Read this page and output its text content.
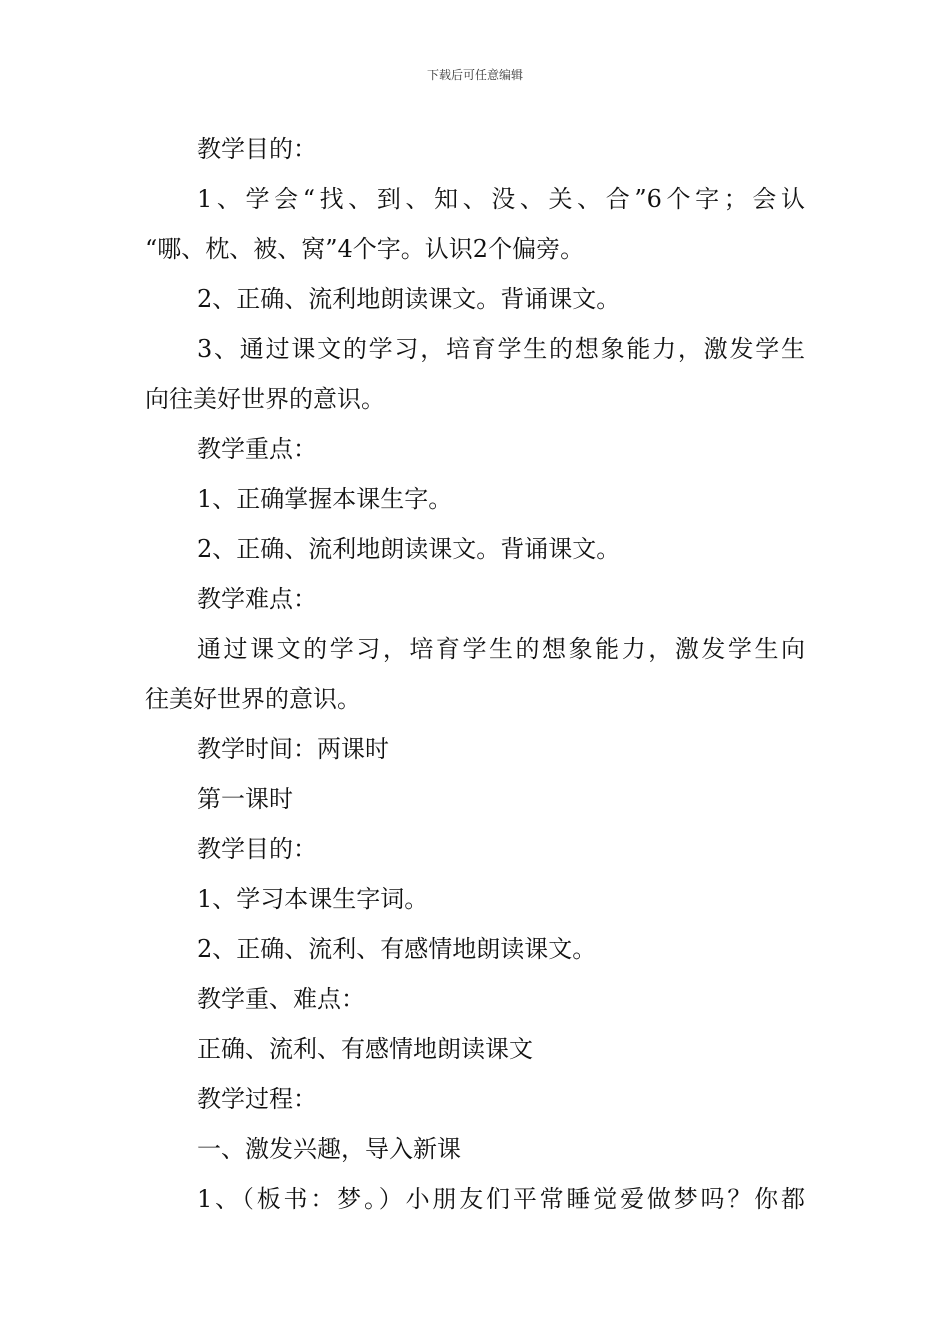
下载后可任意编辑
教学目的：
1、学会“找、到、知、没、关、合”6个字；会认
“哪、枕、被、窝”4个字。认识2个偏旁。
2、正确、流利地朗读课文。背诵课文。
3、通过课文的学习，培育学生的想象能力，激发学生
向往美好世界的意识。
教学重点：
1、正确掌握本课生字。
2、正确、流利地朗读课文。背诵课文。
教学难点：
通过课文的学习，培育学生的想象能力，激发学生向
往美好世界的意识。
教学时间：两课时
第一课时
教学目的：
1、学习本课生字词。
2、正确、流利、有感情地朗读课文。
教学重、难点：
正确、流利、有感情地朗读课文
教学过程：
一、激发兴趣，导入新课
1、（板书：梦。）小朋友们平常睡觉爱做梦吗？你都
